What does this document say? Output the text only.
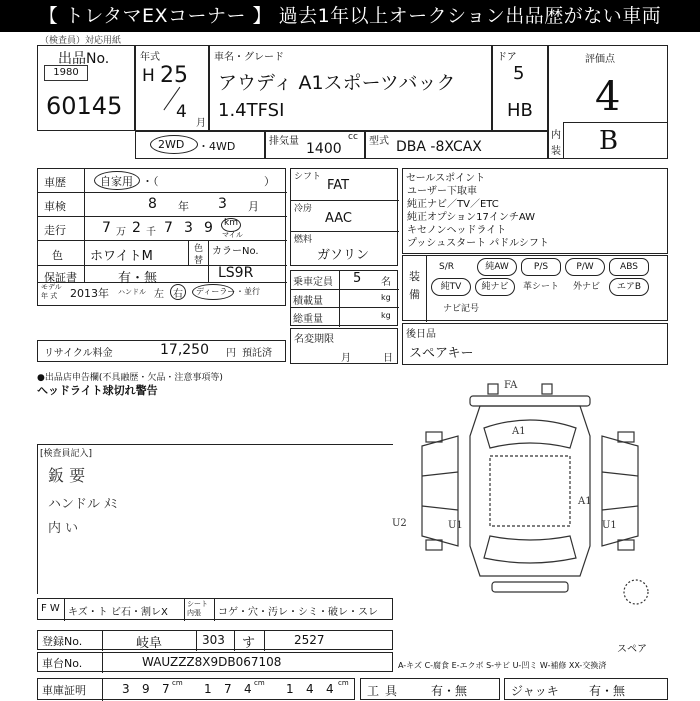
【 トレタマEXコーナー 】 過去1年以上オークション出品歴がない車両
（検査員）対応用紙
出品No.
1980
60145
年式
H 25
4
月
車名・グレード
アウディ A1スポーツバック
1.4TFSI
ドア
5
HB
評価点
4
内
装 B
2WD ・4WD	排気量 1400
cc 型式 DBA -8XCAX
車歴	自家用 ・（	）
車検	8 年 3 月
走行	7 万 2 千 7 3 9 km
マイル
色 ホワイトM	色
替
カラーNo.
LS9R
保証書	有・無
モデル
年 式 2013年 ハンドル 左 右 ディーラー ・並行
リサイクル料金	17,250 円 預託済
シフト
FAT
冷房
AAC
燃料
ガソリン
乗車定員 5 名
積載量	kg
総重量	kg
名変期限
月	日
セールスポイント
ユーザー下取車
純正ナビ／TV／ETC
純正オプション17インチAW
キセノンヘッドライト
プッシュスタート パドルシフト
装
備
S/R	純AW	P/S	P/W	ABS
純TV	純ナビ	革シート 外ナビ	エアB
ナビ記号
後日品
スペアキー
●出品店申告欄(不具融歴・欠品・注意事項等)
ヘッドライト球切れ警告
[検査員記入]
鈑 要
ハンドル ﾒﾐ
内 い
FA
A1
A1
U2	U1	U1
スペア
F W キズ・ト ビ石・割レX
シート 内張	コゲ・穴・汚レ・シミ・破レ・スレ
登録No.	岐阜	303 す	2527
車台No.	WAUZZZ8X9DB067108	A-キズ C-腐食 E-エクボ S-サビ U-凹ミ W-補修 XX-交換済
車庫証明	3 9 7 cm 1 7 4 cm 1 4 4 cm
工具 有・無	ジャッキ	有・無
